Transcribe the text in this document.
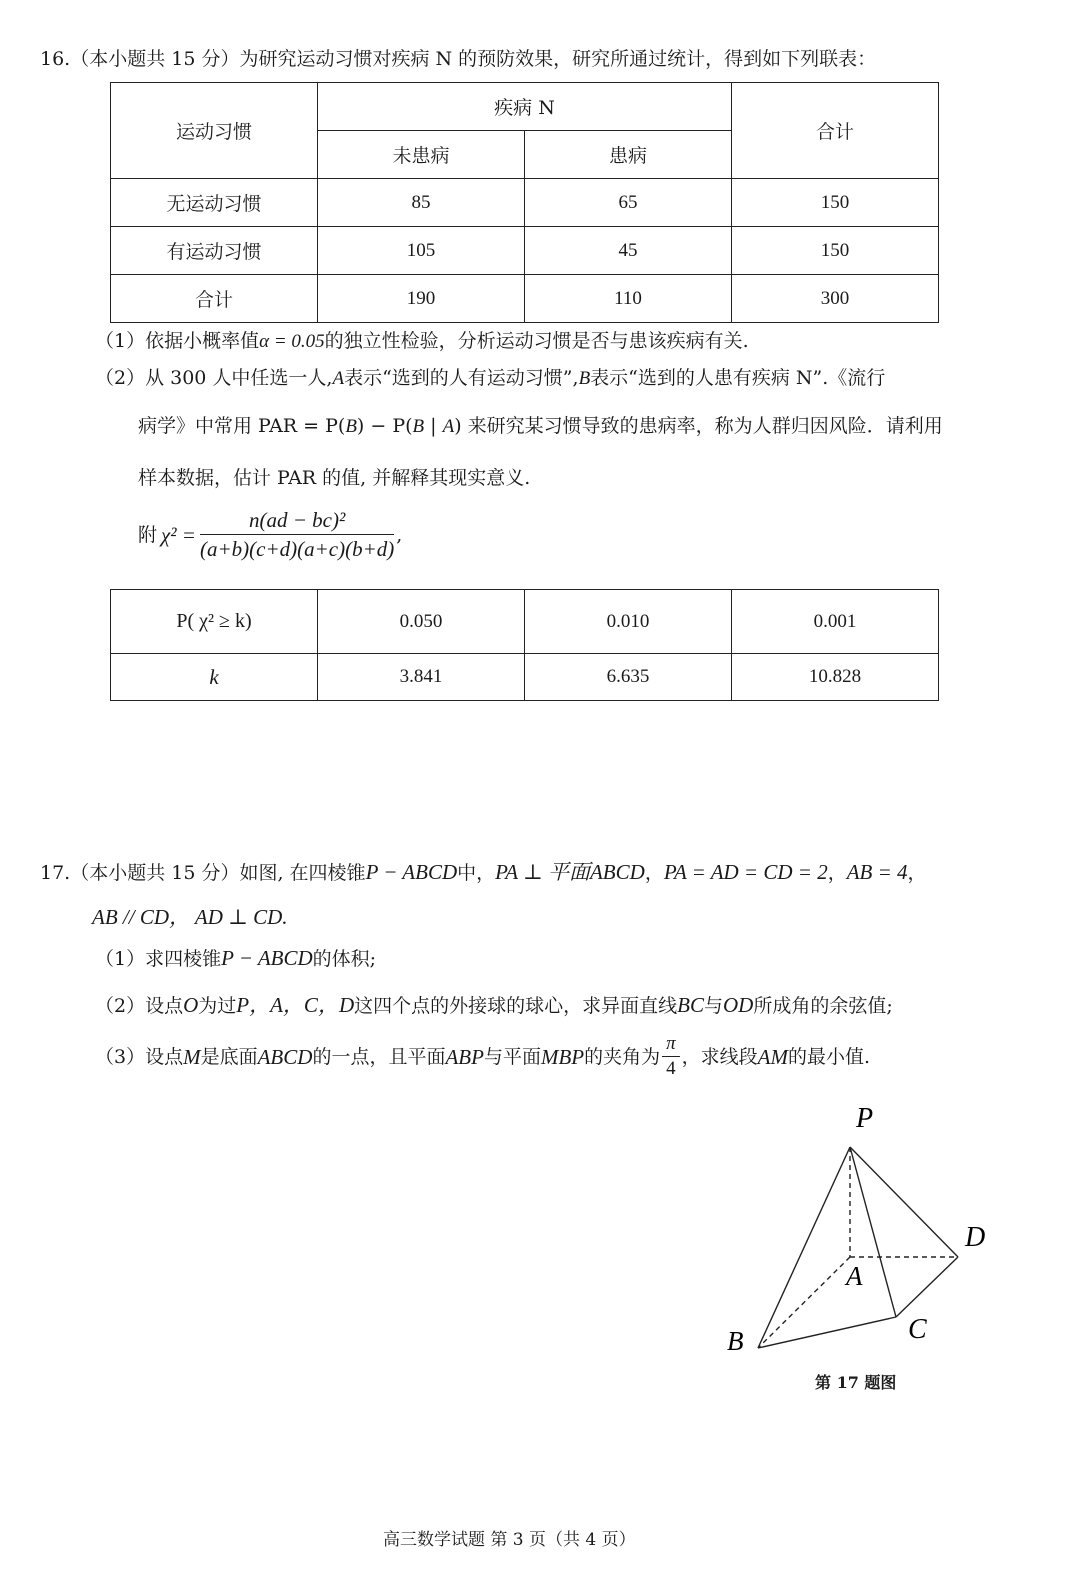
16.（本小题共 15 分）为研究运动习惯对疾病 N 的预防效果，研究所通过统计，得到如下列联表：
运动习惯	疾病 N		合计
	未患病	患病	
无运动习惯	85	65	150
有运动习惯	105	45	150
合计	190	110	300
（1）依据小概率值α = 0.05的独立性检验，分析运动习惯是否与患该疾病有关.
（2）从 300 人中任选一人,A表示“选到的人有运动习惯”,B表示“选到的人患有疾病 N”.《流行
病学》中常用 PAR = P(B) − P(B | A) 来研究某习惯导致的患病率，称为人群归因风险．请利用
样本数据，估计 PAR 的值, 并解释其现实意义.
附 $\chi^2 = \frac{\text{n(ad − bc)²}}{(a+b)(c+d)(a+c)(b+d)}$ ,
P( χ² ≥ k)	0.050	0.010	0.001
k	3.841	6.635	10.828
17.（本小题共 15 分）如图, 在四棱锥P − ABCD中，PA ⊥ 平面ABCD，PA = AD = CD = 2，AB = 4，
AB // CD， AD ⊥ CD.
（1）求四棱锥P − ABCD的体积;
（2）设点O为过P，A，C，D这四个点的外接球的球心，求异面直线BC与OD所成角的余弦值;
（3）设点 M 是底面 ABCD 的一点，且平面 ABP 与平面 MBP 的夹角为 $\frac{\pi}{4}$ ，求线段 AM 的最小值.
P
A
B	C
D
第 17 题图
高三数学试题 第 3 页（共 4 页）
